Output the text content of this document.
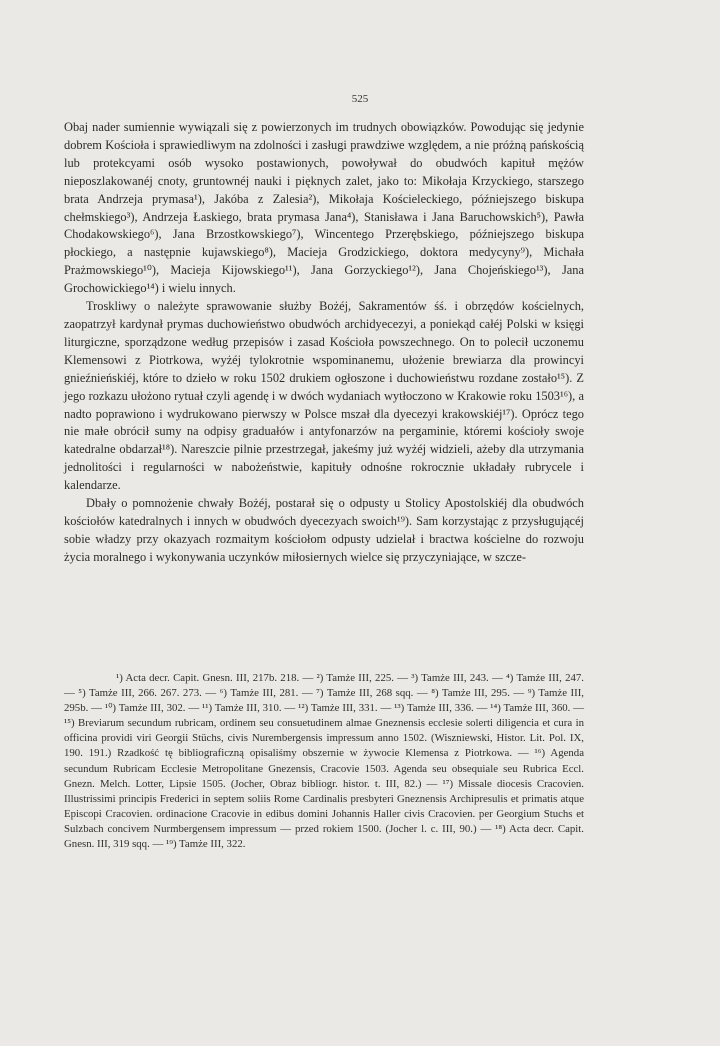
525

Obaj nader sumiennie wywiązali się z powierzonych im trudnych obowiązków. Powodując się jedynie dobrem Kościoła i sprawiedliwym na zdolności i zasługi prawdziwe względem, a nie próżną pańskością lub protekcyami osób wysoko postawionych, powoływał do obudwóch kapituł mężów nieposzlakowanéj cnoty, gruntownéj nauki i pięknych zalet, jako to: Mikołaja Krzyckiego, starszego brata Andrzeja prymasa¹), Jakóba z Zalesia²), Mikołaja Kościeleckiego, późniejszego biskupa chełmskiego³), Andrzeja Łaskiego, brata prymasa Jana⁴), Stanisława i Jana Baruchowskich⁵), Pawła Chodakowskiego⁶), Jana Brzostkowskiego⁷), Wincentego Przerębskiego, późniejszego biskupa płockiego, a następnie kujawskiego⁸), Macieja Grodzickiego, doktora medycyny⁹), Michała Prażmowskiego¹⁰), Macieja Kijowskiego¹¹), Jana Gorzyckiego¹²), Jana Chojeńskiego¹³), Jana Grochowickiego¹⁴) i wielu innych.

Troskliwy o należyte sprawowanie służby Bożéj, Sakramentów śś. i obrzędów kościelnych, zaopatrzył kardynał prymas duchowieństwo obudwóch archidyecezyi, a poniekąd całéj Polski w księgi liturgiczne, sporządzone według przepisów i zasad Kościoła powszechnego. On to polecił uczonemu Klemensowi z Piotrkowa, wyżéj tylokrotnie wspominanemu, ułożenie brewiarza dla prowincyi gnieźnieńskiéj, które to dzieło w roku 1502 drukiem ogłoszone i duchowieństwu rozdane zostało¹⁵). Z jego rozkazu ułożono rytuał czyli agendę i w dwóch wydaniach wytłoczono w Krakowie roku 1503¹⁶), a nadto poprawiono i wydrukowano pierwszy w Polsce mszał dla dyecezyi krakowskiéj¹⁷). Oprócz tego nie małe obrócił sumy na odpisy graduałów i antyfonarzów na pergaminie, któremi kościoły swoje katedralne obdarzał¹⁸). Nareszcie pilnie przestrzegał, jakeśmy już wyżéj widzieli, ażeby dla utrzymania jednolitości i regularności w nabożeństwie, kapituły odnośne rokrocznie układały rubrycele i kalendarze.

Dbały o pomnożenie chwały Bożéj, postarał się o odpusty u Stolicy Apostolskiéj dla obudwóch kościołów katedralnych i innych w obudwóch dyecezyach swoich¹⁹). Sam korzystając z przysługującéj sobie władzy przy okazyach rozmaitym kościołom odpusty udzielał i bractwa kościelne do rozwoju życia moralnego i wykonywania uczynków miłosiernych wielce się przyczyniające, w szcze-

¹) Acta decr. Capit. Gnesn. III, 217b. 218. — ²) Tamże III, 225. — ³) Tamże III, 243. — ⁴) Tamże III, 247. — ⁵) Tamże III, 266. 267. 273. — ⁶) Tamże III, 281. — ⁷) Tamże III, 268 sqq. — ⁸) Tamże III, 295. — ⁹) Tamże III, 295b. — ¹⁰) Tamże III, 302. — ¹¹) Tamże III, 310. — ¹²) Tamże III, 331. — ¹³) Tamże III, 336. — ¹⁴) Tamże III, 360. — ¹⁵) Breviarum secundum rubricam, ordinem seu consuetudinem almae Gneznensis ecclesie solerti diligencia et cura in officina providi viri Georgii Stüchs, civis Nurembergensis impressum anno 1502. (Wiszniewski, Histor. Lit. Pol. IX, 190. 191.) Rzadkość tę bibliograficzną opisaliśmy obszernie w żywocie Klemensa z Piotrkowa. — ¹⁶) Agenda secundum Rubricam Ecclesie Metropolitane Gnezensis, Cracovie 1503. Agenda seu obsequiale seu Rubrica Eccl. Gnezn. Melch. Lotter, Lipsie 1505. (Jocher, Obraz bibliogr. histor. t. III, 82.) — ¹⁷) Missale diocesis Cracovien. Illustrissimi principis Frederici in septem soliis Rome Cardinalis presbyteri Gneznensis Archipresulis et primatis atque Episcopi Cracovien. ordinacione Cracovie in edibus domini Johannis Haller civis Cracovien. per Georgium Stuchs et Sulzbach concivem Nurmbergensem impressum — przed rokiem 1500. (Jocher l. c. III, 90.) — ¹⁸) Acta decr. Capit. Gnesn. III, 319 sqq. — ¹⁹) Tamże III, 322.
